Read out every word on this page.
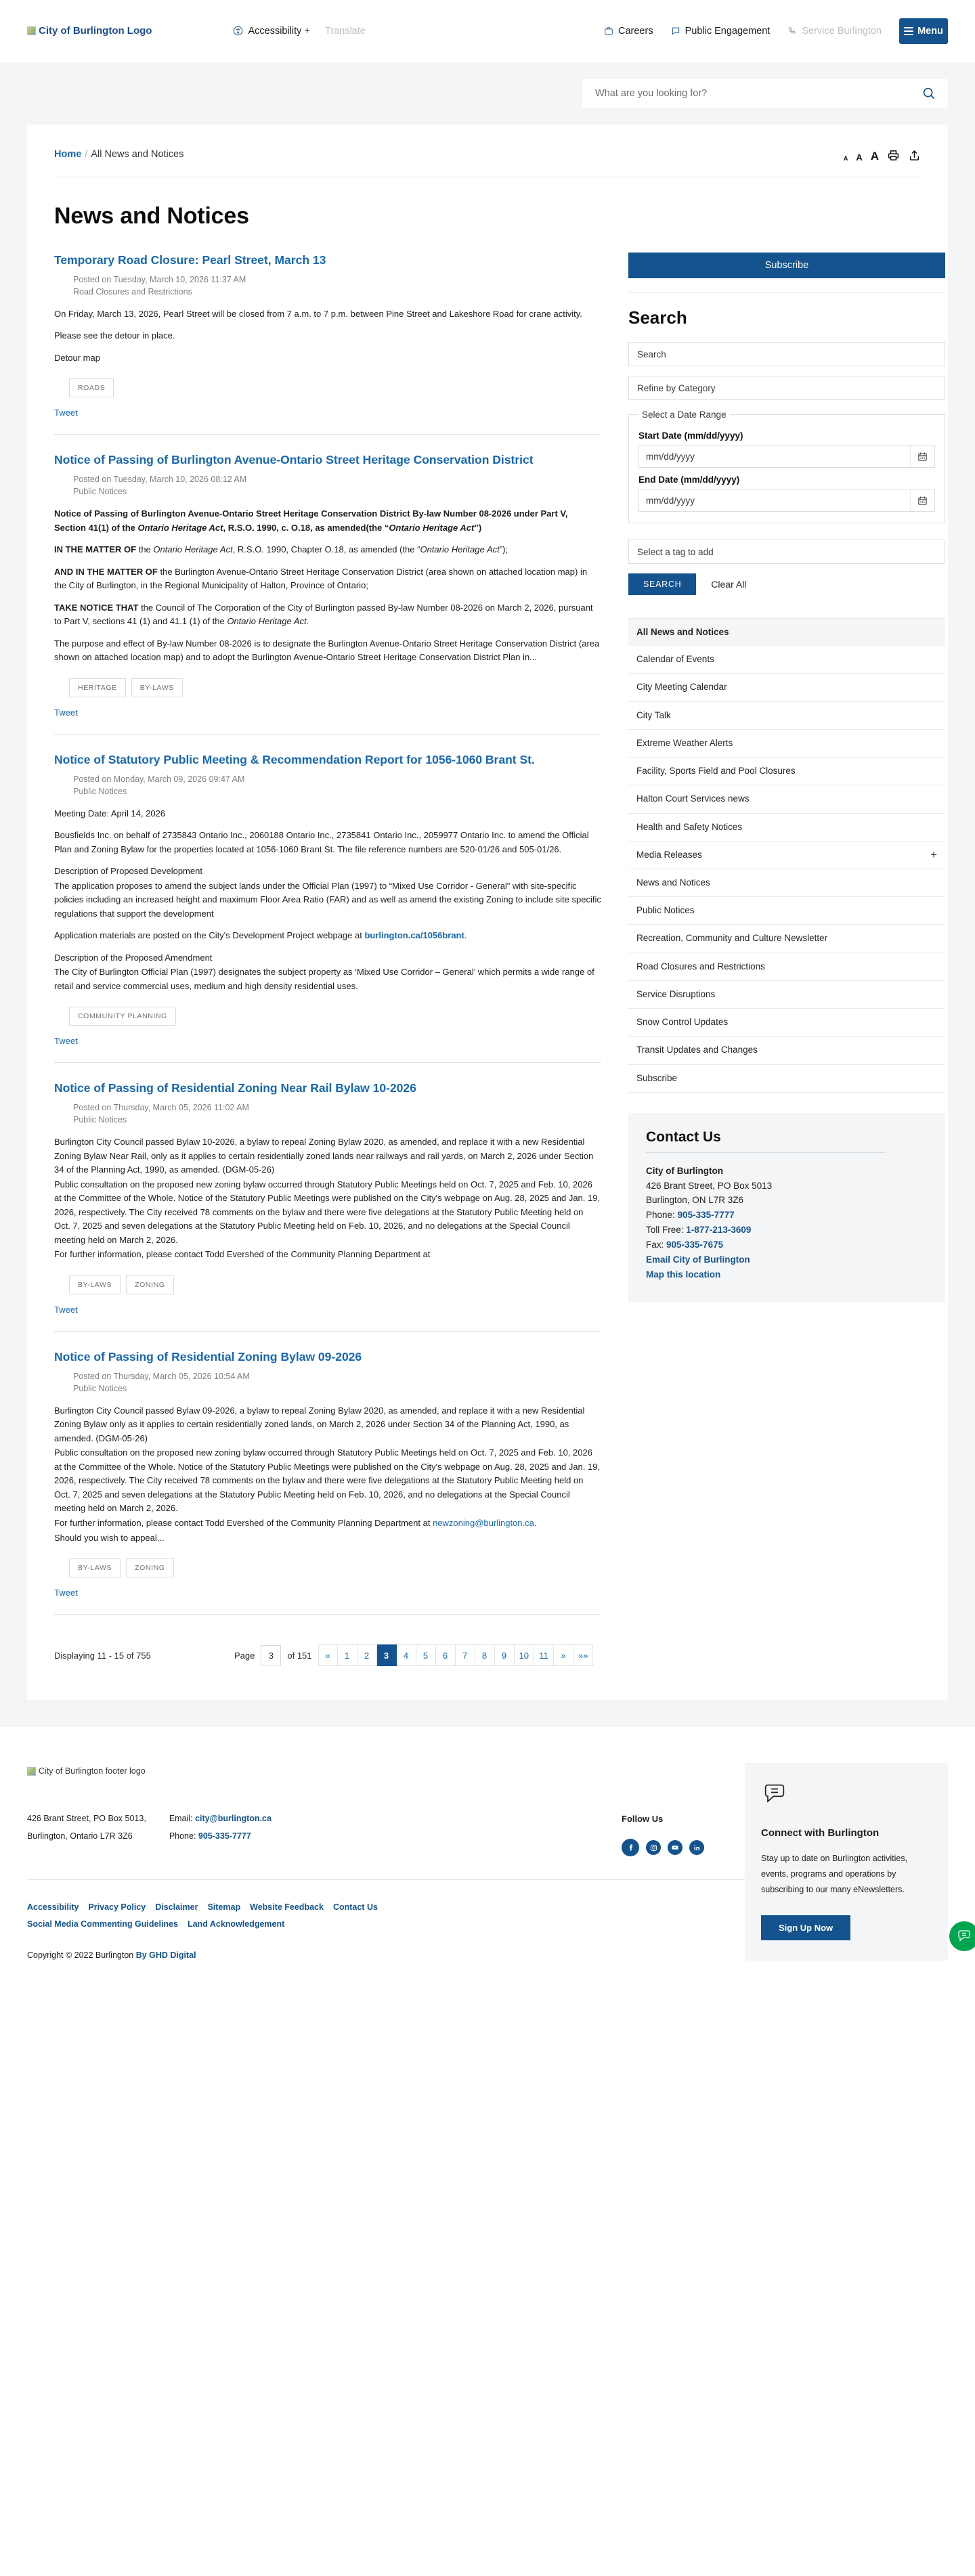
City of Burlington Logo	Accessibility + Translate	Careers	Public Engagement	Service Burlington	Menu
What are you looking for?
Home / All News and Notices	A A A
News and Notices
Temporary Road Closure: Pearl Street, March 13
Posted on Tuesday, March 10, 2026 11:37 AM
Road Closures and Restrictions

On Friday, March 13, 2026, Pearl Street will be closed from 7 a.m. to 7 p.m. between Pine Street and Lakeshore Road for crane activity.

Please see the detour in place.

Detour map

ROADS
Tweet
Notice of Passing of Burlington Avenue-Ontario Street Heritage Conservation District
Posted on Tuesday, March 10, 2026 08:12 AM
Public Notices

Notice of Passing of Burlington Avenue-Ontario Street Heritage Conservation District By-law Number 08-2026 under Part V, Section 41(1) of the Ontario Heritage Act, R.S.O. 1990, c. O.18, as amended(the “Ontario Heritage Act”)

IN THE MATTER OF the Ontario Heritage Act, R.S.O. 1990, Chapter O.18, as amended (the “Ontario Heritage Act”);

AND IN THE MATTER OF the Burlington Avenue-Ontario Street Heritage Conservation District (area shown on attached location map) in the City of Burlington, in the Regional Municipality of Halton, Province of Ontario;

TAKE NOTICE THAT the Council of The Corporation of the City of Burlington passed By-law Number 08-2026 on March 2, 2026, pursuant to Part V, sections 41 (1) and 41.1 (1) of the Ontario Heritage Act.

The purpose and effect of By-law Number 08-2026 is to designate the Burlington Avenue-Ontario Street Heritage Conservation District (area shown on attached location map) and to adopt the Burlington Avenue-Ontario Street Heritage Conservation District Plan in...

HERITAGE	BY-LAWS
Tweet
Notice of Statutory Public Meeting & Recommendation Report for 1056-1060 Brant St.
Posted on Monday, March 09, 2026 09:47 AM
Public Notices

Meeting Date: April 14, 2026

Bousfields Inc. on behalf of 2735843 Ontario Inc., 2060188 Ontario Inc., 2735841 Ontario Inc., 2059977 Ontario Inc. to amend the Official Plan and Zoning Bylaw for the properties located at 1056-1060 Brant St. The file reference numbers are 520-01/26 and 505-01/26.

Description of Proposed Development

The application proposes to amend the subject lands under the Official Plan (1997) to “Mixed Use Corridor - General” with site-specific policies including an increased height and maximum Floor Area Ratio (FAR) and as well as amend the existing Zoning to include site specific regulations that support the development

Application materials are posted on the City's Development Project webpage at burlington.ca/1056brant.

Description of the Proposed Amendment

The City of Burlington Official Plan (1997) designates the subject property as ‘Mixed Use Corridor – General’ which permits a wide range of retail and service commercial uses, medium and high density residential uses.

COMMUNITY PLANNING
Tweet
Notice of Passing of Residential Zoning Near Rail Bylaw 10-2026
Posted on Thursday, March 05, 2026 11:02 AM
Public Notices

Burlington City Council passed Bylaw 10-2026, a bylaw to repeal Zoning Bylaw 2020, as amended, and replace it with a new Residential Zoning Bylaw Near Rail, only as it applies to certain residentially zoned lands near railways and rail yards, on March 2, 2026 under Section 34 of the Planning Act, 1990, as amended. (DGM-05-26)

Public consultation on the proposed new zoning bylaw occurred through Statutory Public Meetings held on Oct. 7, 2025 and Feb. 10, 2026 at the Committee of the Whole. Notice of the Statutory Public Meetings were published on the City's webpage on Aug. 28, 2025 and Jan. 19, 2026, respectively. The City received 78 comments on the bylaw and there were five delegations at the Statutory Public Meeting held on Oct. 7, 2025 and seven delegations at the Statutory Public Meeting held on Feb. 10, 2026, and no delegations at the Special Council meeting held on March 2, 2026.

For further information, please contact Todd Evershed of the Community Planning Department at

BY-LAWS	ZONING
Tweet
Notice of Passing of Residential Zoning Bylaw 09-2026
Posted on Thursday, March 05, 2026 10:54 AM
Public Notices

Burlington City Council passed Bylaw 09-2026, a bylaw to repeal Zoning Bylaw 2020, as amended, and replace it with a new Residential Zoning Bylaw only as it applies to certain residentially zoned lands, on March 2, 2026 under Section 34 of the Planning Act, 1990, as amended. (DGM-05-26)

Public consultation on the proposed new zoning bylaw occurred through Statutory Public Meetings held on Oct. 7, 2025 and Feb. 10, 2026 at the Committee of the Whole. Notice of the Statutory Public Meetings were published on the City's webpage on Aug. 28, 2025 and Jan. 19, 2026, respectively. The City received 78 comments on the bylaw and there were five delegations at the Statutory Public Meeting held on Oct. 7, 2025 and seven delegations at the Statutory Public Meeting held on Feb. 10, 2026, and no delegations at the Special Council meeting held on March 2, 2026.

For further information, please contact Todd Evershed of the Community Planning Department at newzoning@burlington.ca.

Should you wish to appeal...

BY-LAWS	ZONING
Tweet
Displaying 11 - 15 of 755	Page
3	of 151	«	1	2	3	4	5	6	7	8	9	10	11	»	»»
Subscribe
Search
Search Refine by Category
Select a Date Range
Start Date (mm/dd/yyyy)
mm/dd/yyyy
End Date (mm/dd/yyyy)
mm/dd/yyyy
Select a tag to add
SEARCH	Clear All
All News and Notices
Calendar of Events
City Meeting Calendar
City Talk
Extreme Weather Alerts
Facility, Sports Field and Pool Closures
Halton Court Services news
Health and Safety Notices
Media Releases	+
News and Notices
Public Notices
Recreation, Community and Culture Newsletter
Road Closures and Restrictions
Service Disruptions
Snow Control Updates
Transit Updates and Changes
Subscribe
Contact Us
City of Burlington
426 Brant Street, PO Box 5013
Burlington, ON L7R 3Z6
Phone: 905-335-7777
Toll Free: 1-877-213-3609
Fax: 905-335-7675
Email City of Burlington
Map this location
City of Burlington footer logo
426 Brant Street, PO Box 5013,
Burlington, Ontario L7R 3Z6
Email: city@burlington.ca
Phone: 905-335-7777
Follow Us
Accessibility Privacy Policy Disclaimer Sitemap Website Feedback Contact Us
Social Media Commenting Guidelines Land Acknowledgement
Copyright © 2022 Burlington By GHD Digital
Connect with Burlington
Stay up to date on Burlington activities, events, programs and operations by subscribing to our many eNewsletters.
Sign Up Now
